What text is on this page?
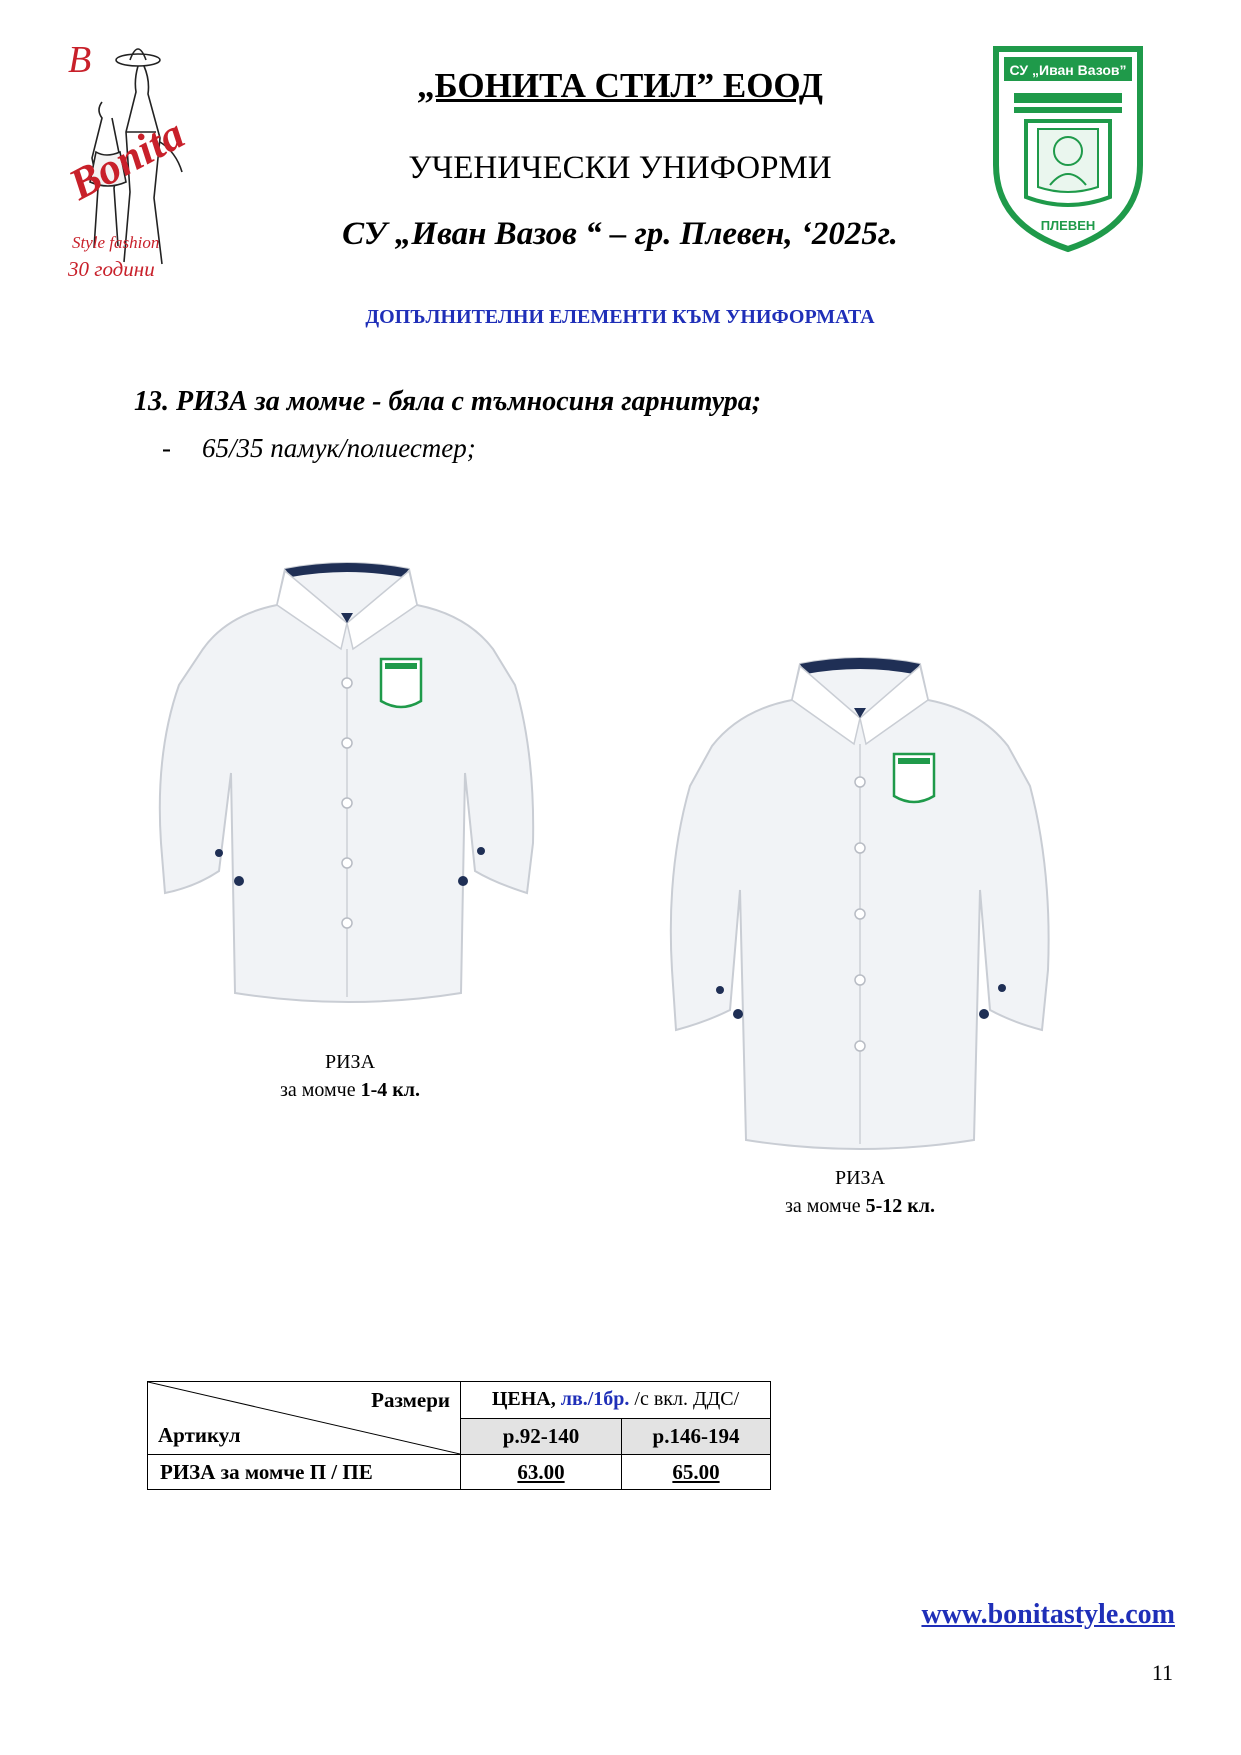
B
Bonita
Style fashion
30 години
СУ „Иван Вазов”
ПЛЕВЕН
„БОНИТА СТИЛ” ЕООД
УЧЕНИЧЕСКИ УНИФОРМИ
СУ „Иван Вазов “ – гр. Плевен, ‘2025г.
ДОПЪЛНИТЕЛНИ ЕЛЕМЕНТИ КЪМ УНИФОРМАТА
13. РИЗА за момче - бяла с тъмносиня гарнитура;
- 65/35 памук/полиестер;
РИЗА
за момче 1-4 кл.
РИЗА
за момче 5-12 кл.
Размери
Артикул	ЦЕНА, лв./1бр. /с вкл. ДДС/	
	р.92-140	р.146-194
РИЗА за момче П / ПЕ	63.00	65.00
www.bonitastyle.com
11
